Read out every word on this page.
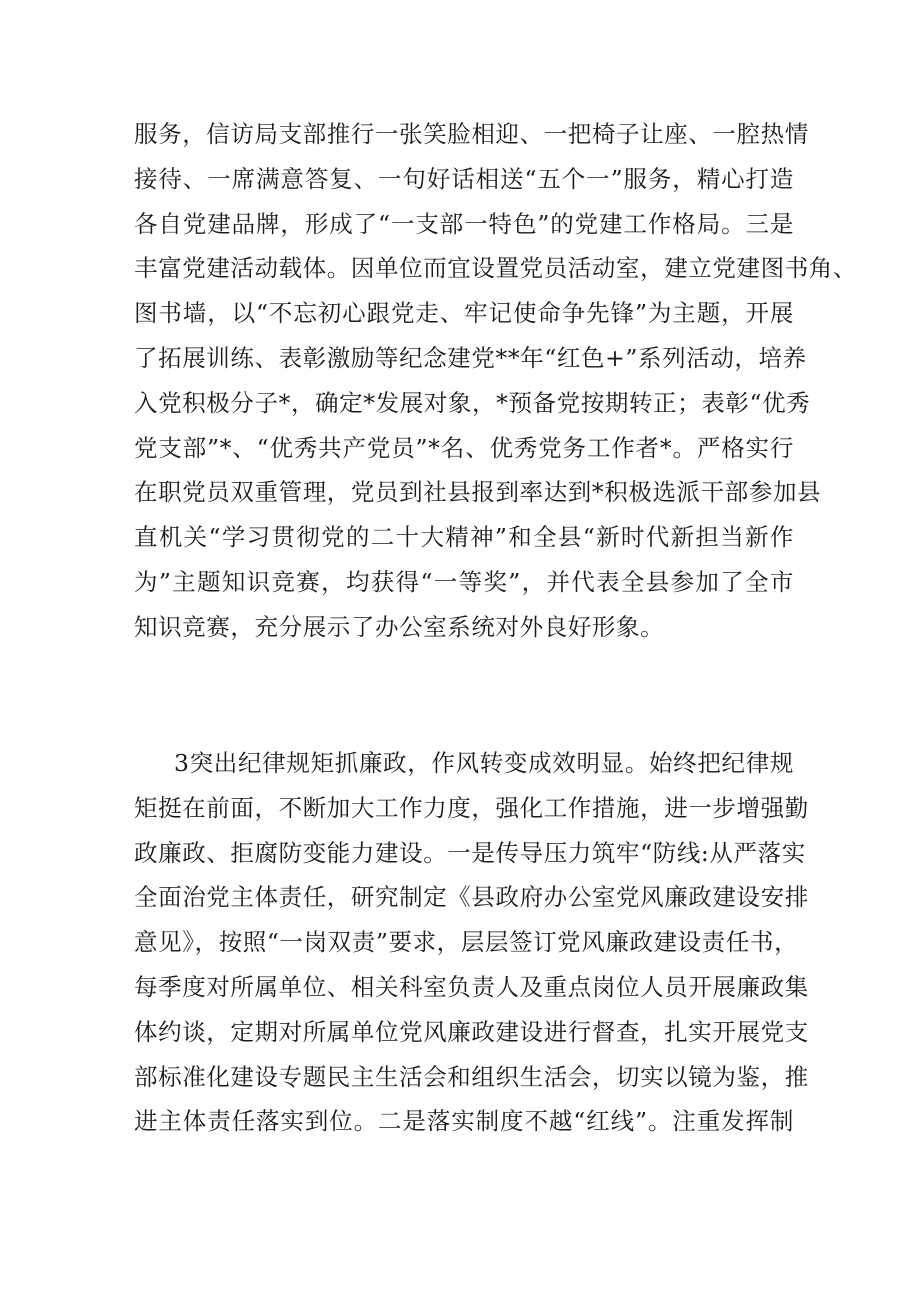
服务，信访局支部推行一张笑脸相迎、一把椅子让座、一腔热情
接待、一席满意答复、一句好话相送“五个一”服务，精心打造
各自党建品牌，形成了“一支部一特色”的党建工作格局。三是
丰富党建活动载体。因单位而宜设置党员活动室，建立党建图书角、
图书墙，以“不忘初心跟党走、牢记使命争先锋”为主题，开展
了拓展训练、表彰激励等纪念建党**年“红色+”系列活动，培养
入党积极分子*，确定*发展对象，*预备党按期转正；表彰“优秀
党支部”*、“优秀共产党员”*名、优秀党务工作者*。严格实行
在职党员双重管理，党员到社县报到率达到*积极选派干部参加县
直机关“学习贯彻党的二十大精神”和全县“新时代新担当新作
为”主题知识竞赛，均获得“一等奖”，并代表全县参加了全市
知识竞赛，充分展示了办公室系统对外良好形象。
3突出纪律规矩抓廉政，作风转变成效明显。始终把纪律规
矩挺在前面，不断加大工作力度，强化工作措施，进一步增强勤
政廉政、拒腐防变能力建设。一是传导压力筑牢“防线:从严落实
全面治党主体责任，研究制定《县政府办公室党风廉政建设安排
意见》，按照“一岗双责”要求，层层签订党风廉政建设责任书，
每季度对所属单位、相关科室负责人及重点岗位人员开展廉政集
体约谈，定期对所属单位党风廉政建设进行督查，扎实开展党支
部标准化建设专题民主生活会和组织生活会，切实以镜为鉴，推
进主体责任落实到位。二是落实制度不越“红线”。注重发挥制
